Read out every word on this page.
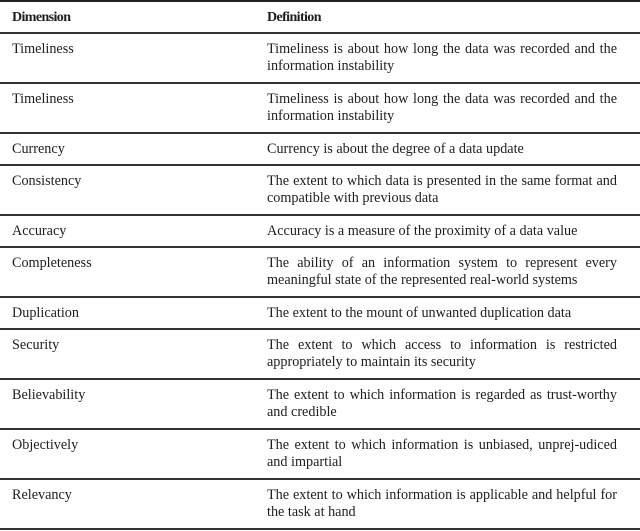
Dimension	Definition
Timeliness	Timeliness is about how long the data was recorded and the information instability
Timeliness	Timeliness is about how long the data was recorded and the information instability
Currency	Currency is about the degree of a data update
Consistency	The extent to which data is presented in the same format and compatible with previous data
Accuracy	Accuracy is a measure of the proximity of a data value
Completeness	The ability of an information system to represent every meaningful state of the represented real-world systems
Duplication	The extent to the mount of unwanted duplication data
Security	The extent to which access to information is restricted appropriately to maintain its security
Believability	The extent to which information is regarded as trust-worthy and credible
Objectively	The extent to which information is unbiased, unprej-udiced and impartial
Relevancy	The extent to which information is applicable and helpful for the task at hand
